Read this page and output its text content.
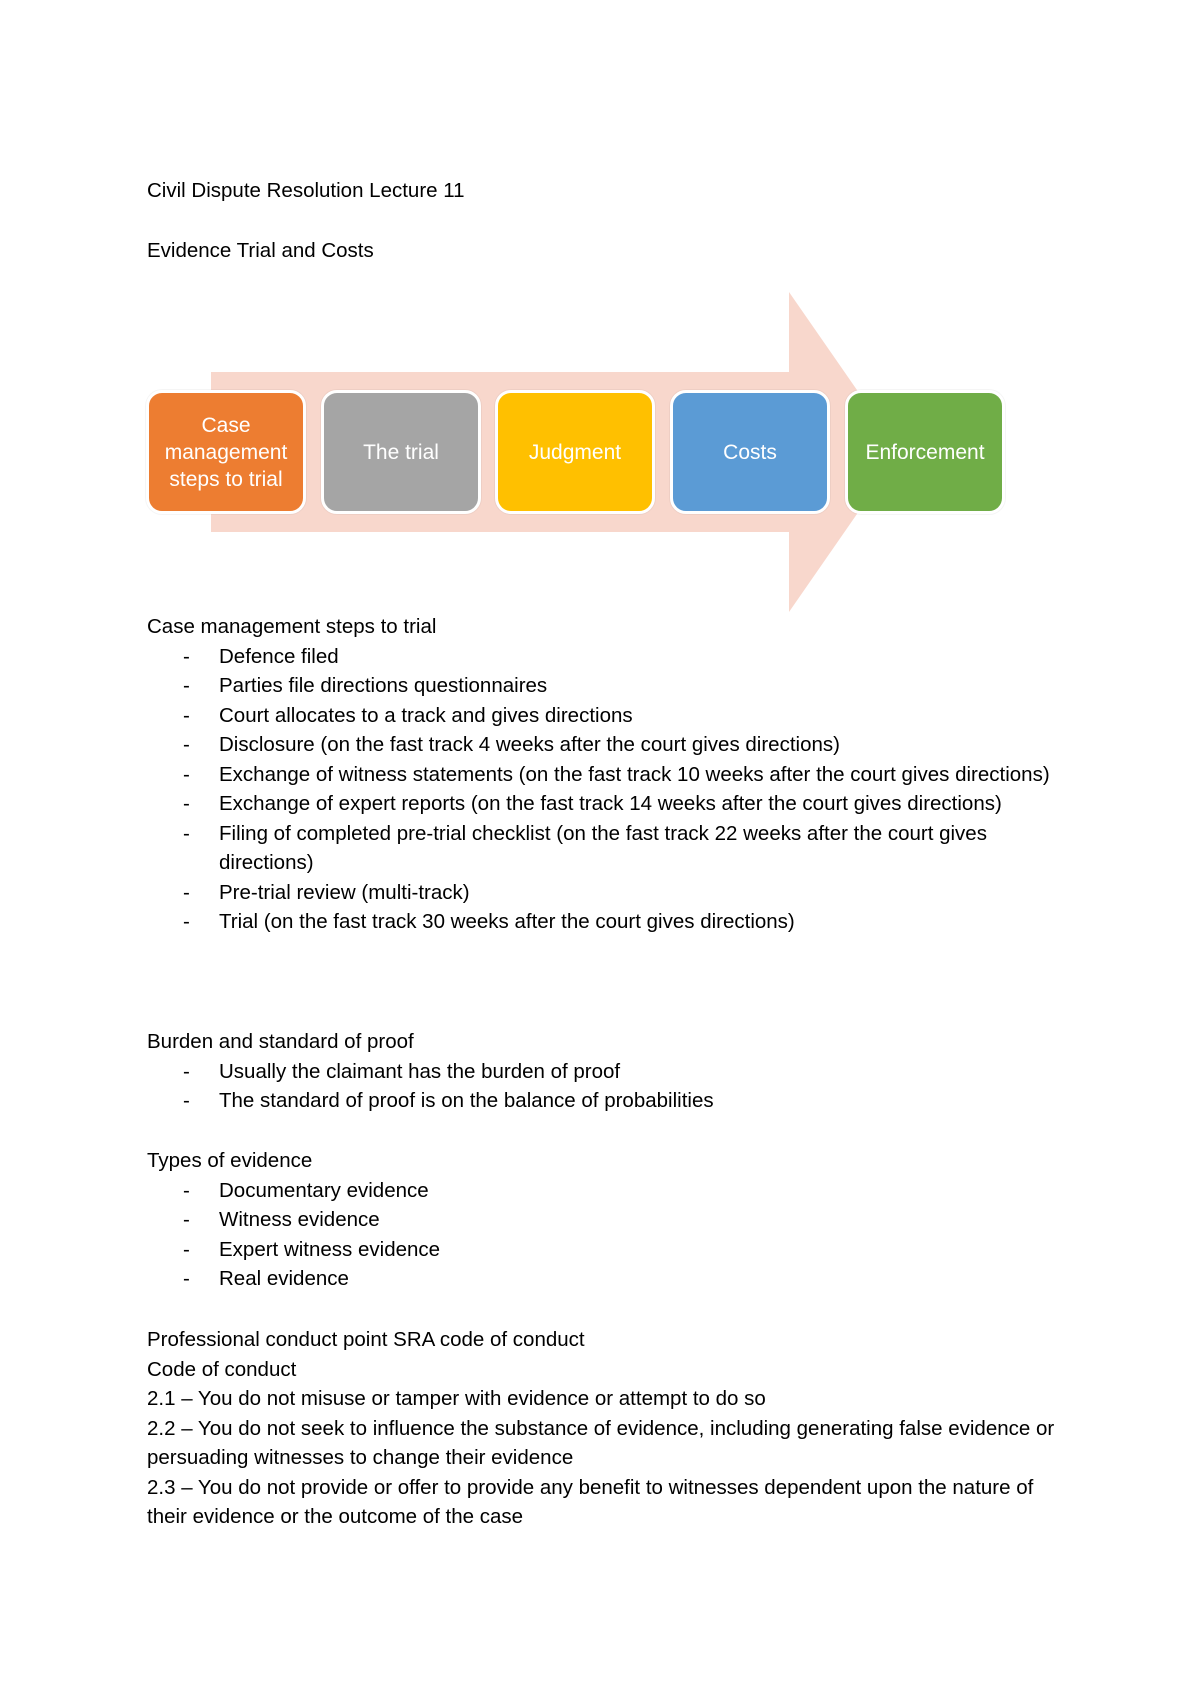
Civil Dispute Resolution Lecture 11
Evidence Trial and Costs
Case management steps to trial
The trial	Judgment	Costs	Enforcement
Case management steps to trial
- Defence filed
- Parties file directions questionnaires
- Court allocates to a track and gives directions
- Disclosure (on the fast track 4 weeks after the court gives directions)
- Exchange of witness statements (on the fast track 10 weeks after the court gives directions)
- Exchange of expert reports (on the fast track 14 weeks after the court gives directions)
- Filing of completed pre-trial checklist (on the fast track 22 weeks after the court gives directions)
- Pre-trial review (multi-track)
- Trial (on the fast track 30 weeks after the court gives directions)
Burden and standard of proof
- Usually the claimant has the burden of proof
- The standard of proof is on the balance of probabilities
Types of evidence
- Documentary evidence
- Witness evidence
- Expert witness evidence
- Real evidence
Professional conduct point SRA code of conduct
Code of conduct
2.1 – You do not misuse or tamper with evidence or attempt to do so
2.2 – You do not seek to influence the substance of evidence, including generating false evidence or persuading witnesses to change their evidence
2.3 – You do not provide or offer to provide any benefit to witnesses dependent upon the nature of their evidence or the outcome of the case
